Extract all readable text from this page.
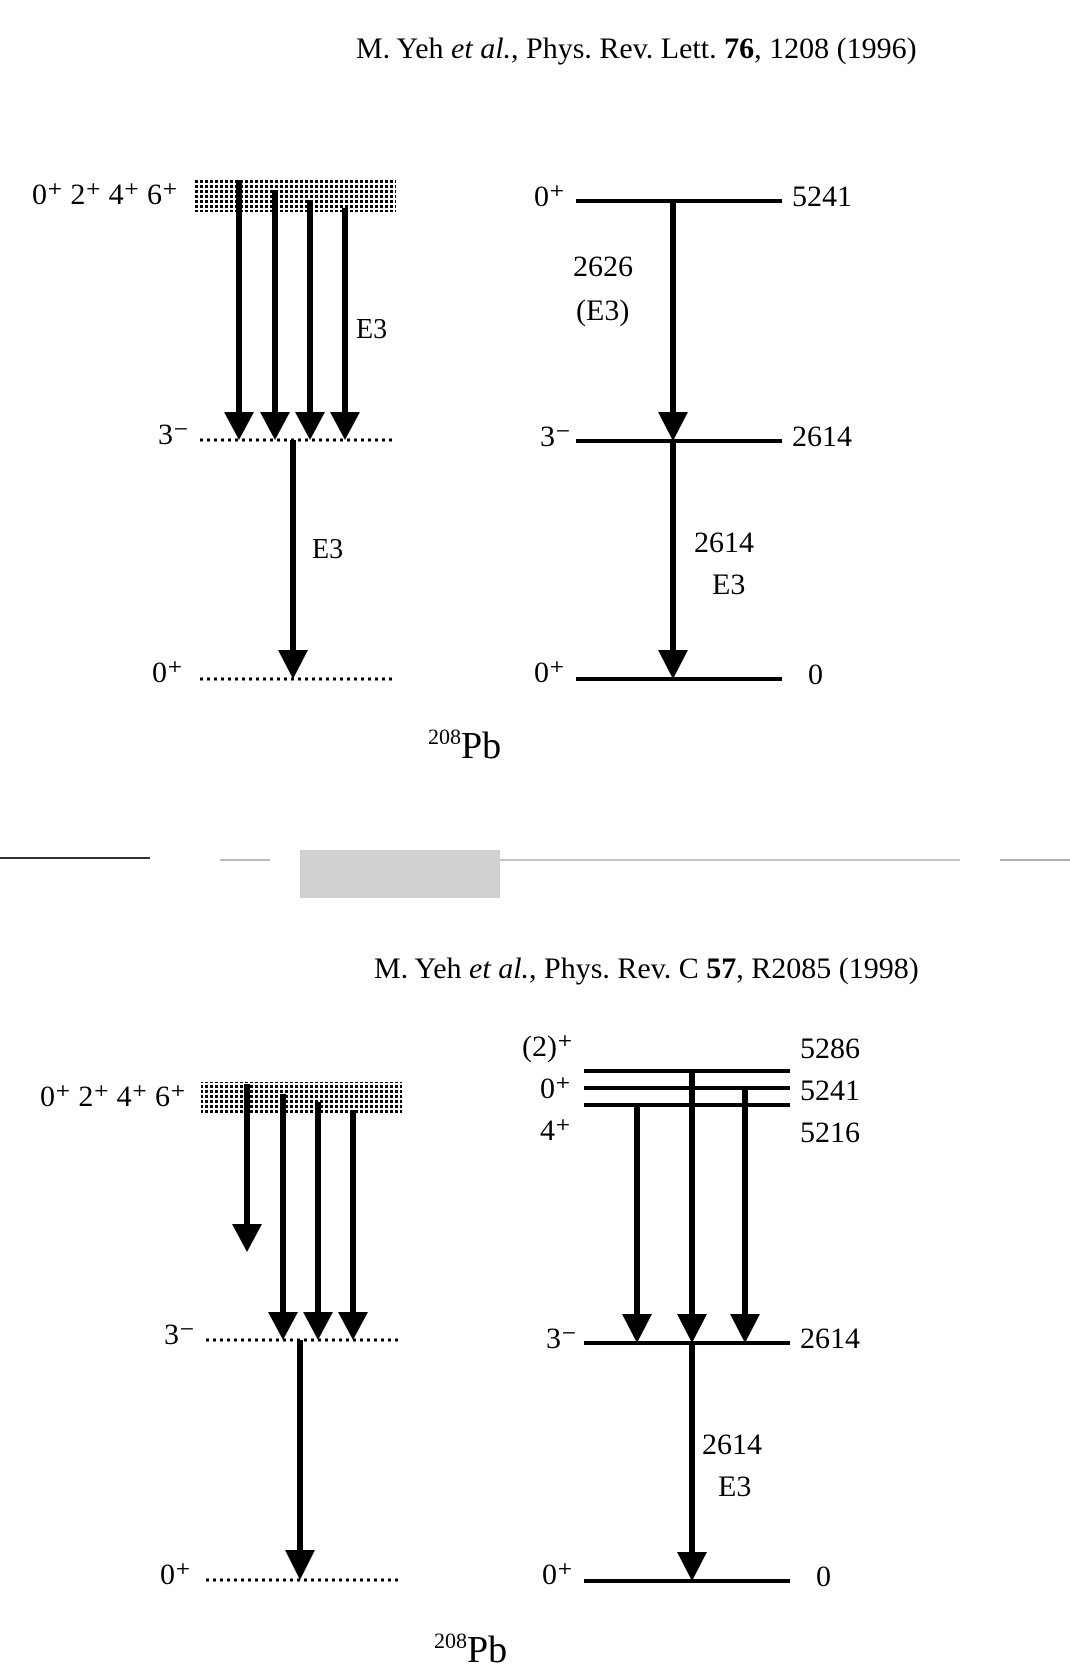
M. Yeh et al., Phys. Rev. Lett. 76, 1208 (1996)
0⁺ 2⁺ 4⁺ 6⁺
3⁻
0⁺
E3
E3
0⁺	5241
3⁻	2614
0⁺	0
2626
(E3)
2614
E3
208Pb
M. Yeh et al., Phys. Rev. C 57, R2085 (1998)
0⁺ 2⁺ 4⁺ 6⁺
3⁻
0⁺
(2)⁺	5286
0⁺	5241
4⁺	5216
3⁻	2614
0⁺	0
2614
E3
208Pb
